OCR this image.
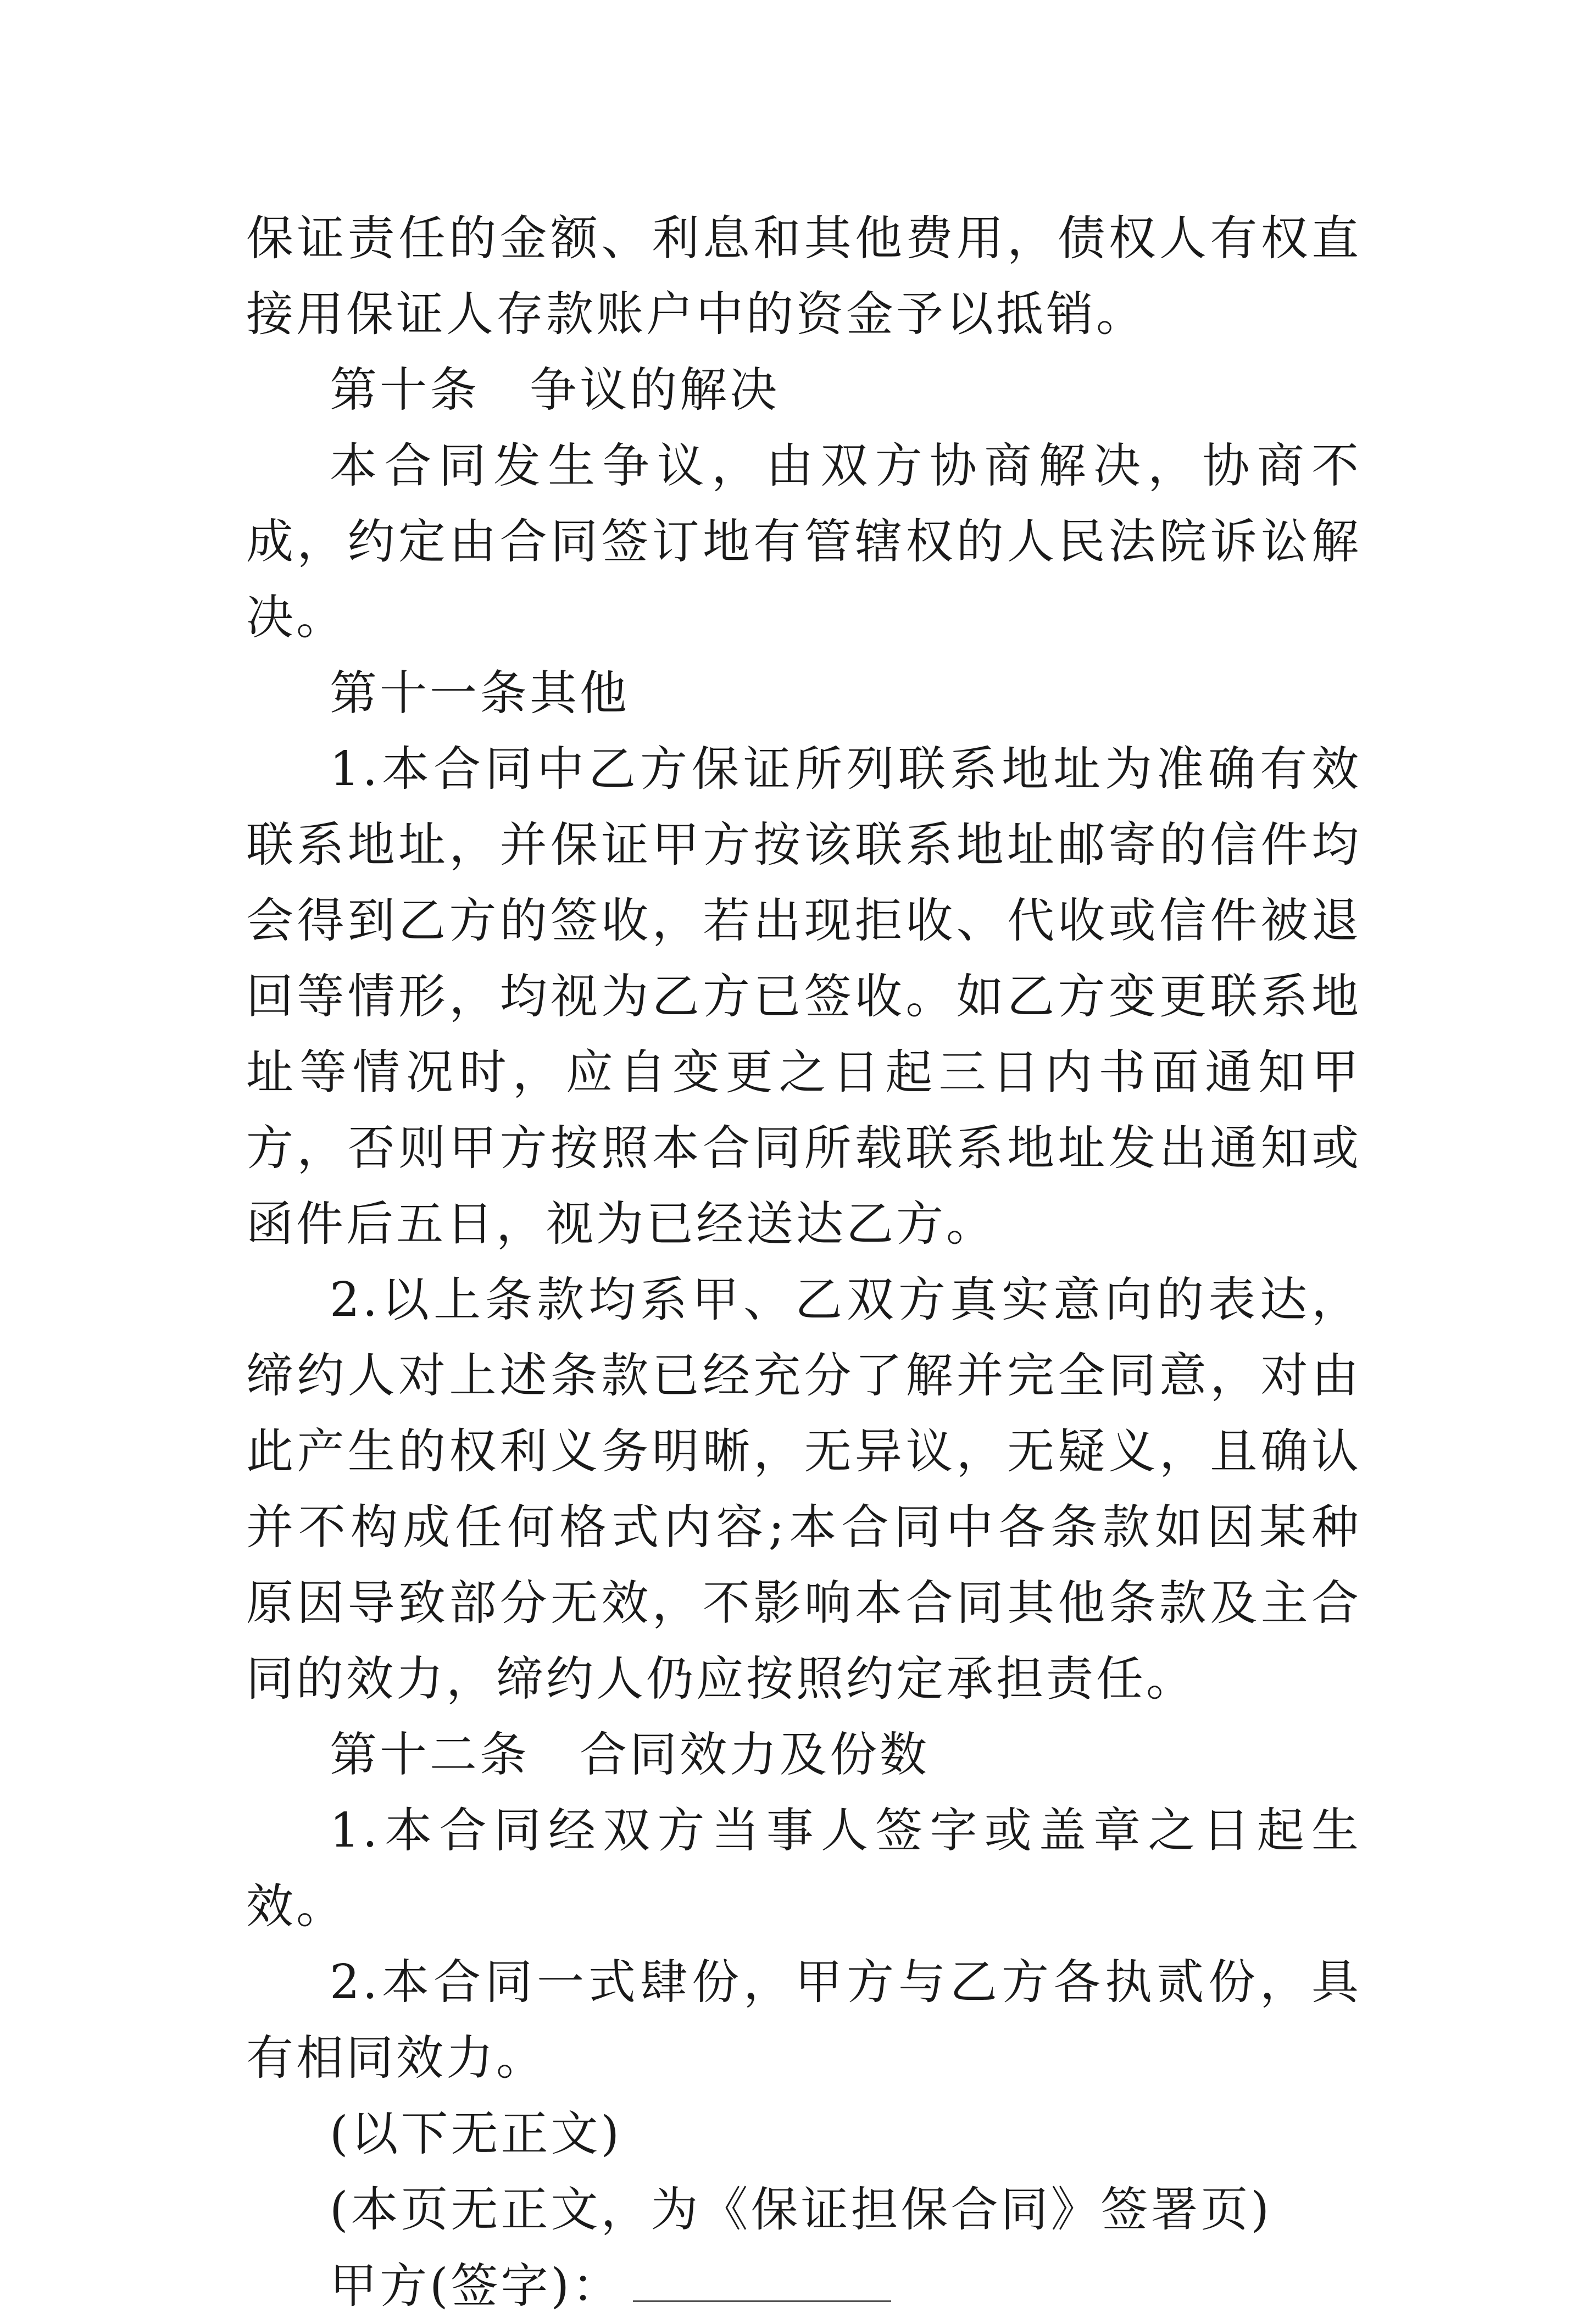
保证责任的金额、利息和其他费用，债权人有权直接用保证人存款账户中的资金予以抵销。

第十条　争议的解决

本合同发生争议，由双方协商解决，协商不成，约定由合同签订地有管辖权的人民法院诉讼解决。

第十一条其他

1.本合同中乙方保证所列联系地址为准确有效联系地址，并保证甲方按该联系地址邮寄的信件均会得到乙方的签收，若出现拒收、代收或信件被退回等情形，均视为乙方已签收。如乙方变更联系地址等情况时，应自变更之日起三日内书面通知甲方，否则甲方按照本合同所载联系地址发出通知或函件后五日，视为已经送达乙方。

2.以上条款均系甲、乙双方真实意向的表达，缔约人对上述条款已经充分了解并完全同意，对由此产生的权利义务明晰，无异议，无疑义，且确认并不构成任何格式内容;本合同中各条款如因某种原因导致部分无效，不影响本合同其他条款及主合同的效力，缔约人仍应按照约定承担责任。

第十二条　合同效力及份数

1.本合同经双方当事人签字或盖章之日起生效。

2.本合同一式肆份，甲方与乙方各执贰份，具有相同效力。

(以下无正文)

(本页无正文，为《保证担保合同》签署页)

甲方(签字)：
